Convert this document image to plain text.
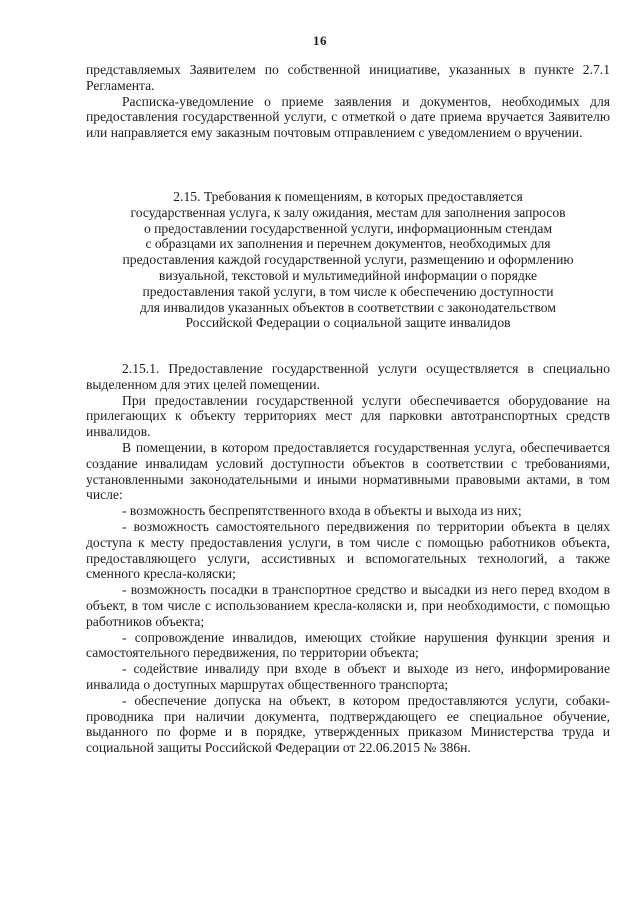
16

представляемых Заявителем по собственной инициативе, указанных в пункте 2.7.1 Регламента.

Расписка-уведомление о приеме заявления и документов, необходимых для предоставления государственной услуги, с отметкой о дате приема вручается Заявителю или направляется ему заказным почтовым отправлением с уведомлением о вручении.

2.15. Требования к помещениям, в которых предоставляется

государственная услуга, к залу ожидания, местам для заполнения запросов

о предоставлении государственной услуги, информационным стендам

с образцами их заполнения и перечнем документов, необходимых для

предоставления каждой государственной услуги, размещению и оформлению

визуальной, текстовой и мультимедийной информации о порядке

предоставления такой услуги, в том числе к обеспечению доступности

для инвалидов указанных объектов в соответствии с законодательством

Российской Федерации о социальной защите инвалидов

2.15.1. Предоставление государственной услуги осуществляется в специально выделенном для этих целей помещении.

При предоставлении государственной услуги обеспечивается оборудование на прилегающих к объекту территориях мест для парковки автотранспортных средств инвалидов.

В помещении, в котором предоставляется государственная услуга, обеспечивается создание инвалидам условий доступности объектов в соответствии с требованиями, установленными законодательными и иными нормативными правовыми актами, в том числе:

- возможность беспрепятственного входа в объекты и выхода из них;

- возможность самостоятельного передвижения по территории объекта в целях доступа к месту предоставления услуги, в том числе с помощью работников объекта, предоставляющего услуги, ассистивных и вспомогательных технологий, а также сменного кресла-коляски;

- возможность посадки в транспортное средство и высадки из него перед входом в объект, в том числе с использованием кресла-коляски и, при необходимости, с помощью работников объекта;

- сопровождение инвалидов, имеющих стойкие нарушения функции зрения и самостоятельного передвижения, по территории объекта;

- содействие инвалиду при входе в объект и выходе из него, информирование инвалида о доступных маршрутах общественного транспорта;

- обеспечение допуска на объект, в котором предоставляются услуги, собаки-проводника при наличии документа, подтверждающего ее специальное обучение, выданного по форме и в порядке, утвержденных приказом Министерства труда и социальной защиты Российской Федерации от 22.06.2015 № 386н.
